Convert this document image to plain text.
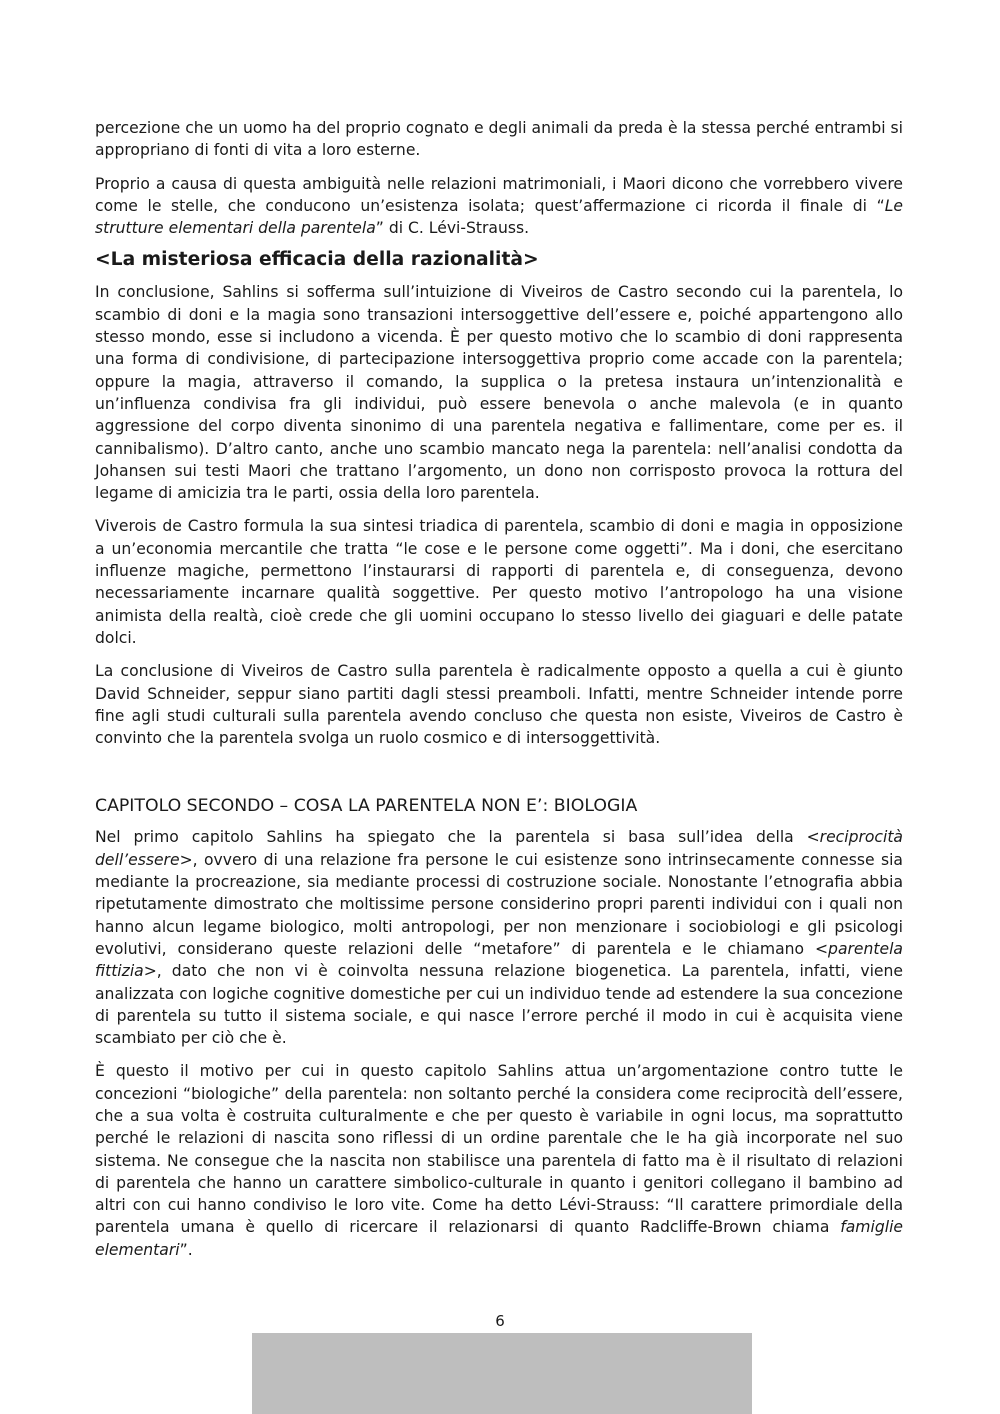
percezione che un uomo ha del proprio cognato e degli animali da preda è la stessa perché entrambi si appropriano di fonti di vita a loro esterne.

Proprio a causa di questa ambiguità nelle relazioni matrimoniali, i Maori dicono che vorrebbero vivere come le stelle, che conducono un’esistenza isolata; quest’affermazione ci ricorda il finale di “Le strutture elementari della parentela” di C. Lévi-Strauss.

<La misteriosa efficacia della razionalità>

In conclusione, Sahlins si sofferma sull’intuizione di Viveiros de Castro secondo cui la parentela, lo scambio di doni e la magia sono transazioni intersoggettive dell’essere e, poiché appartengono allo stesso mondo, esse si includono a vicenda. È per questo motivo che lo scambio di doni rappresenta una forma di condivisione, di partecipazione intersoggettiva proprio come accade con la parentela; oppure la magia, attraverso il comando, la supplica o la pretesa instaura un’intenzionalità e un’influenza condivisa fra gli individui, può essere benevola o anche malevola (e in quanto aggressione del corpo diventa sinonimo di una parentela negativa e fallimentare, come per es. il cannibalismo). D’altro canto, anche uno scambio mancato nega la parentela: nell’analisi condotta da Johansen sui testi Maori che trattano l’argomento, un dono non corrisposto provoca la rottura del legame di amicizia tra le parti, ossia della loro parentela.

Viverois de Castro formula la sua sintesi triadica di parentela, scambio di doni e magia in opposizione a un’economia mercantile che tratta “le cose e le persone come oggetti”. Ma i doni, che esercitano influenze magiche, permettono l’instaurarsi di rapporti di parentela e, di conseguenza, devono necessariamente incarnare qualità soggettive. Per questo motivo l’antropologo ha una visione animista della realtà, cioè crede che gli uomini occupano lo stesso livello dei giaguari e delle patate dolci.

La conclusione di Viveiros de Castro sulla parentela è radicalmente opposto a quella a cui è giunto David Schneider, seppur siano partiti dagli stessi preamboli. Infatti, mentre Schneider intende porre fine agli studi culturali sulla parentela avendo concluso che questa non esiste, Viveiros de Castro è convinto che la parentela svolga un ruolo cosmico e di intersoggettività.

CAPITOLO SECONDO – COSA LA PARENTELA NON E’: BIOLOGIA

Nel primo capitolo Sahlins ha spiegato che la parentela si basa sull’idea della <reciprocità dell’essere>, ovvero di una relazione fra persone le cui esistenze sono intrinsecamente connesse sia mediante la procreazione, sia mediante processi di costruzione sociale. Nonostante l’etnografia abbia ripetutamente dimostrato che moltissime persone considerino propri parenti individui con i quali non hanno alcun legame biologico, molti antropologi, per non menzionare i sociobiologi e gli psicologi evolutivi, considerano queste relazioni delle “metafore” di parentela e le chiamano <parentela fittizia>, dato che non vi è coinvolta nessuna relazione biogenetica. La parentela, infatti, viene analizzata con logiche cognitive domestiche per cui un individuo tende ad estendere la sua concezione di parentela su tutto il sistema sociale, e qui nasce l’errore perché il modo in cui è acquisita viene scambiato per ciò che è.

È questo il motivo per cui in questo capitolo Sahlins attua un’argomentazione contro tutte le concezioni “biologiche” della parentela: non soltanto perché la considera come reciprocità dell’essere, che a sua volta è costruita culturalmente e che per questo è variabile in ogni locus, ma soprattutto perché le relazioni di nascita sono riflessi di un ordine parentale che le ha già incorporate nel suo sistema. Ne consegue che la nascita non stabilisce una parentela di fatto ma è il risultato di relazioni di parentela che hanno un carattere simbolico-culturale in quanto i genitori collegano il bambino ad altri con cui hanno condiviso le loro vite. Come ha detto Lévi-Strauss: “Il carattere primordiale della parentela umana è quello di ricercare il relazionarsi di quanto Radcliffe-Brown chiama famiglie elementari”.

6
